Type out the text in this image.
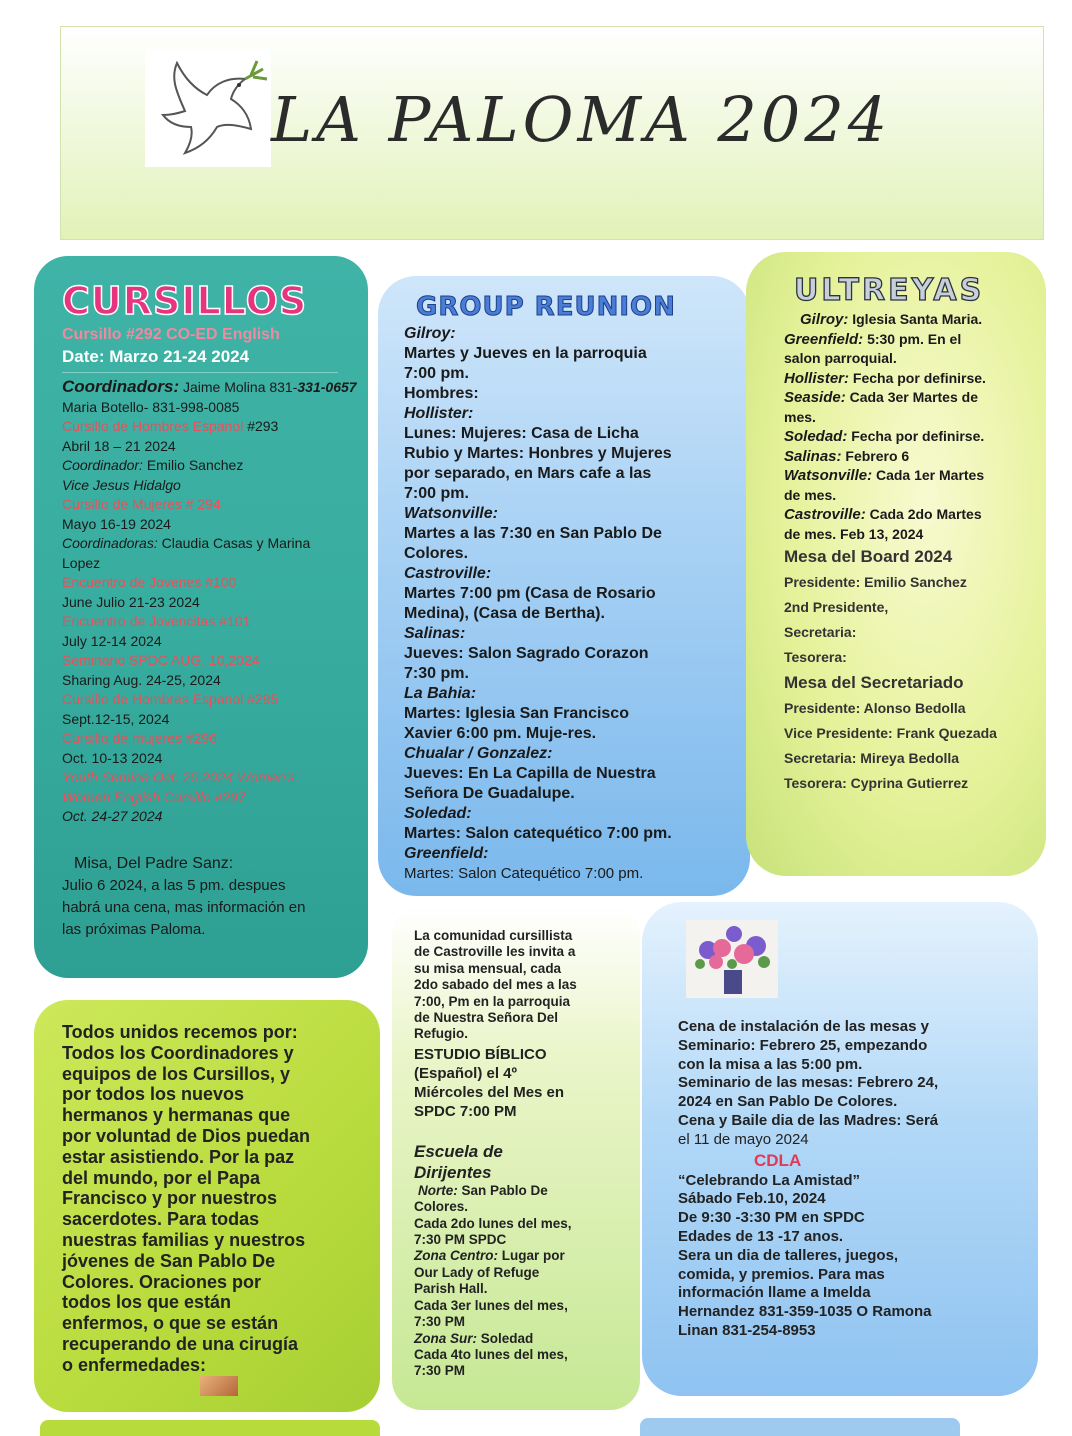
LA PALOMA 2024
CURSILLOS
Cursillo #292 CO-ED English
Date: Marzo 21-24 2024
Coordinadors: Jaime Molina 831-331-0657
Maria Botello- 831-998-0085
Cursillo de Hombres Espanol #293
Abril 18 – 21 2024
Coordinador: Emilio Sanchez
Vice Jesus Hidalgo
Cursillo de Mujeres # 294
Mayo 16-19 2024
Coordinadoras: Claudia Casas y Marina
Lopez
Encuentro de Jovenes #100
June Julio 21-23 2024
Encuentro de Jovencitas #101
July 12-14 2024
Seminario SPDC AUG. 10,2024
Sharing Aug. 24-25, 2024
Cursillo de Hombres Espanol #295
Sept.12-15, 2024
Cursillo de mujeres #296
Oct. 10-13 2024
Youth Semina Oct. 20,2024 Women's
Women English Cursillo #297
Oct. 24-27 2024
Misa, Del Padre Sanz:
Julio 6 2024, a las 5 pm. despues
habrá una cena, mas información en
las próximas Paloma.
GROUP REUNION
Gilroy:
Martes y Jueves en la parroquia
7:00 pm.
Hombres:
Hollister:
Lunes: Mujeres: Casa de Licha
Rubio y Martes: Honbres y Mujeres
por separado, en Mars cafe a las
7:00 pm.
Watsonville:
Martes a las 7:30 en San Pablo De
Colores.
Castroville:
Martes 7:00 pm (Casa de Rosario
Medina), (Casa de Bertha).
Salinas:
Jueves: Salon Sagrado Corazon
7:30 pm.
La Bahia:
Martes: Iglesia San Francisco
Xavier 6:00 pm. Muje-res.
Chualar / Gonzalez:
Jueves: En La Capilla de Nuestra
Señora De Guadalupe.
Soledad:
Martes: Salon catequético 7:00 pm.
Greenfield:
Martes: Salon Catequético 7:00 pm.
ULTREYAS
Gilroy: Iglesia Santa Maria.
Greenfield: 5:30 pm. En el
salon parroquial.
Hollister: Fecha por definirse.
Seaside: Cada 3er Martes de
mes.
Soledad: Fecha por definirse.
Salinas: Febrero 6
Watsonville: Cada 1er Martes
de mes.
Castroville: Cada 2do Martes
de mes. Feb 13, 2024
Mesa del Board 2024
Presidente: Emilio Sanchez
2nd Presidente,
Secretaria:
Tesorera:
Mesa del Secretariado
Presidente: Alonso Bedolla
Vice Presidente: Frank Quezada
Secretaria: Mireya Bedolla
Tesorera: Cyprina Gutierrez
Todos unidos recemos por:
Todos los Coordinadores y
equipos de los Cursillos, y
por todos los nuevos
hermanos y hermanas que
por voluntad de Dios puedan
estar asistiendo. Por la paz
del mundo, por el Papa
Francisco y por nuestros
sacerdotes. Para todas
nuestras familias y nuestros
jóvenes de San Pablo De
Colores. Oraciones por
todos los que están
enfermos, o que se están
recuperando de una cirugía
o enfermedades:
La comunidad cursillista
de Castroville les invita a
su misa mensual, cada
2do sabado del mes a las
7:00, Pm en la parroquia
de Nuestra Señora Del
Refugio.
ESTUDIO BÍBLICO
(Español) el 4º
Miércoles del Mes en
SPDC 7:00 PM
Escuela de
Dirijentes
Norte: San Pablo De
Colores.
Cada 2do lunes del mes,
7:30 PM SPDC
Zona Centro: Lugar por
Our Lady of Refuge
Parish Hall.
Cada 3er lunes del mes,
7:30 PM
Zona Sur: Soledad
Cada 4to lunes del mes,
7:30 PM
Cena de instalación de las mesas y
Seminario: Febrero 25, empezando
con la misa a las 5:00 pm.
Seminario de las mesas: Febrero 24,
2024 en San Pablo De Colores.
Cena y Baile dia de las Madres: Será
el 11 de mayo 2024
CDLA
“Celebrando La Amistad”
Sábado Feb.10, 2024
De 9:30 -3:30 PM en SPDC
Edades de 13 -17 anos.
Sera un dia de talleres, juegos,
comida, y premios. Para mas
información llame a Imelda
Hernandez 831-359-1035 O Ramona
Linan 831-254-8953
